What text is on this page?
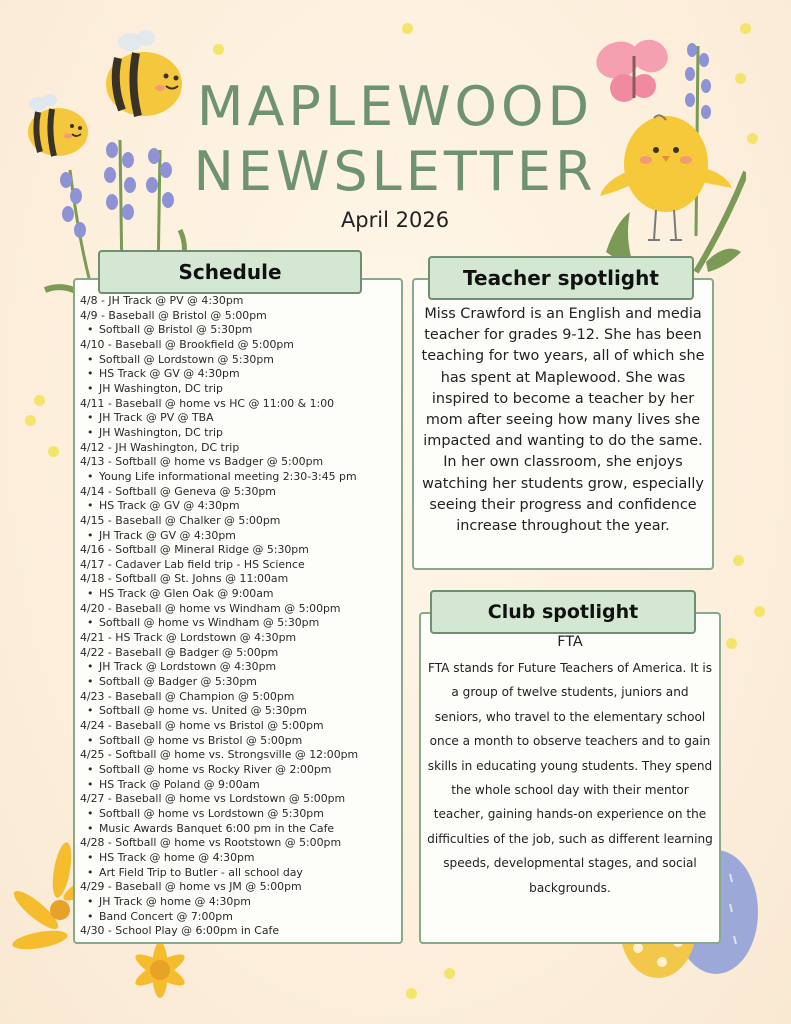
MAPLEWOOD
NEWSLETTER
April 2026
4/8 - JH Track @ PV @ 4:30pm
4/9 - Baseball @ Bristol @ 5:00pm
• Softball @ Bristol @ 5:30pm
4/10 - Baseball @ Brookfield @ 5:00pm
• Softball @ Lordstown @ 5:30pm
• HS Track @ GV @ 4:30pm
• JH Washington, DC trip
4/11 - Baseball @ home vs HC @ 11:00 & 1:00
• JH Track @ PV @ TBA
• JH Washington, DC trip
4/12 - JH Washington, DC trip
4/13 - Softball @ home vs Badger @ 5:00pm
• Young Life informational meeting 2:30-3:45 pm
4/14 - Softball @ Geneva @ 5:30pm
• HS Track @ GV @ 4:30pm
4/15 - Baseball @ Chalker @ 5:00pm
• JH Track @ GV @ 4:30pm
4/16 - Softball @ Mineral Ridge @ 5:30pm
4/17 - Cadaver Lab field trip - HS Science
4/18 - Softball @ St. Johns @ 11:00am
• HS Track @ Glen Oak @ 9:00am
4/20 - Baseball @ home vs Windham @ 5:00pm
• Softball @ home vs Windham @ 5:30pm
4/21 - HS Track @ Lordstown @ 4:30pm
4/22 - Baseball @ Badger @ 5:00pm
• JH Track @ Lordstown @ 4:30pm
• Softball @ Badger @ 5:30pm
4/23 - Baseball @ Champion @ 5:00pm
• Softball @ home vs. United @ 5:30pm
4/24 - Baseball @ home vs Bristol @ 5:00pm
• Softball @ home vs Bristol @ 5:00pm
4/25 - Softball @ home vs. Strongsville @ 12:00pm
• Softball @ home vs Rocky River @ 2:00pm
• HS Track @ Poland @ 9:00am
4/27 - Baseball @ home vs Lordstown @ 5:00pm
• Softball @ home vs Lordstown @ 5:30pm
• Music Awards Banquet 6:00 pm in the Cafe
4/28 - Softball @ home vs Rootstown @ 5:00pm
• HS Track @ home @ 4:30pm
• Art Field Trip to Butler - all school day
4/29 - Baseball @ home vs JM @ 5:00pm
• JH Track @ home @ 4:30pm
• Band Concert @ 7:00pm
4/30 - School Play @ 6:00pm in Cafe
Schedule
Miss Crawford is an English and media teacher for grades 9-12. She has been teaching for two years, all of which she has spent at Maplewood. She was inspired to become a teacher by her mom after seeing how many lives she impacted and wanting to do the same. In her own classroom, she enjoys watching her students grow, especially seeing their progress and confidence increase throughout the year.
Teacher spotlight
FTA
FTA stands for Future Teachers of America. It is a group of twelve students, juniors and seniors, who travel to the elementary school once a month to observe teachers and to gain skills in educating young students. They spend the whole school day with their mentor teacher, gaining hands-on experience on the difficulties of the job, such as different learning speeds, developmental stages, and social backgrounds.
Club spotlight
